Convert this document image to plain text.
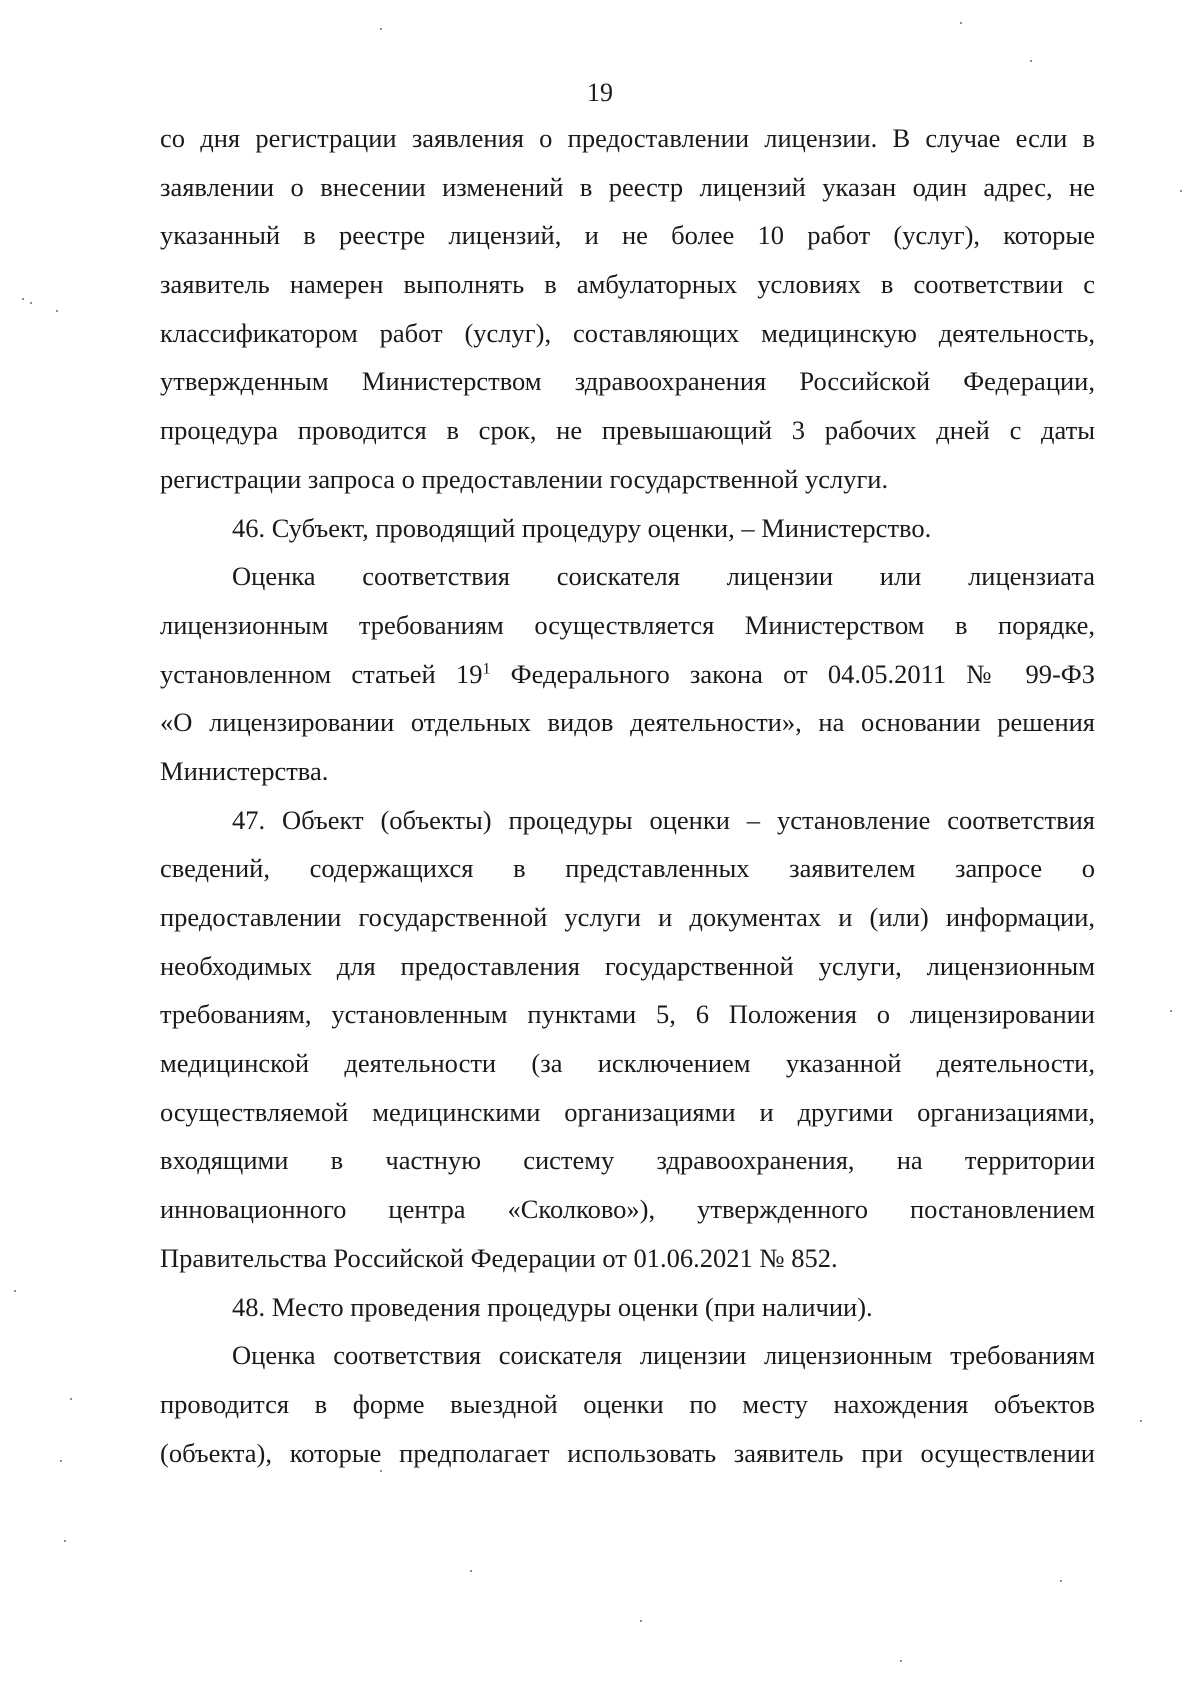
19
со дня регистрации заявления о предоставлении лицензии. В случае если в
заявлении о внесении изменений в реестр лицензий указан один адрес, не
указанный в реестре лицензий, и не более 10 работ (услуг), которые
заявитель намерен выполнять в амбулаторных условиях в соответствии с
классификатором работ (услуг), составляющих медицинскую деятельность,
утвержденным Министерством здравоохранения Российской Федерации,
процедура проводится в срок, не превышающий 3 рабочих дней с даты
регистрации запроса о предоставлении государственной услуги.
46. Субъект, проводящий процедуру оценки, – Министерство.
Оценка соответствия соискателя лицензии или лицензиата
лицензионным требованиям осуществляется Министерством в порядке,
установленном статьей $19^1$ Федерального закона от 04.05.2011 № 99-ФЗ
«О лицензировании отдельных видов деятельности», на основании решения
Министерства.
47. Объект (объекты) процедуры оценки – установление соответствия
сведений, содержащихся в представленных заявителем запросе о
предоставлении государственной услуги и документах и (или) информации,
необходимых для предоставления государственной услуги, лицензионным
требованиям, установленным пунктами 5, 6 Положения о лицензировании
медицинской деятельности (за исключением указанной деятельности,
осуществляемой медицинскими организациями и другими организациями,
входящими в частную систему здравоохранения, на территории
инновационного центра «Сколково»), утвержденного постановлением
Правительства Российской Федерации от 01.06.2021 № 852.
48. Место проведения процедуры оценки (при наличии).
Оценка соответствия соискателя лицензии лицензионным требованиям
проводится в форме выездной оценки по месту нахождения объектов
(объекта), которые предполагает использовать заявитель при осуществлении
